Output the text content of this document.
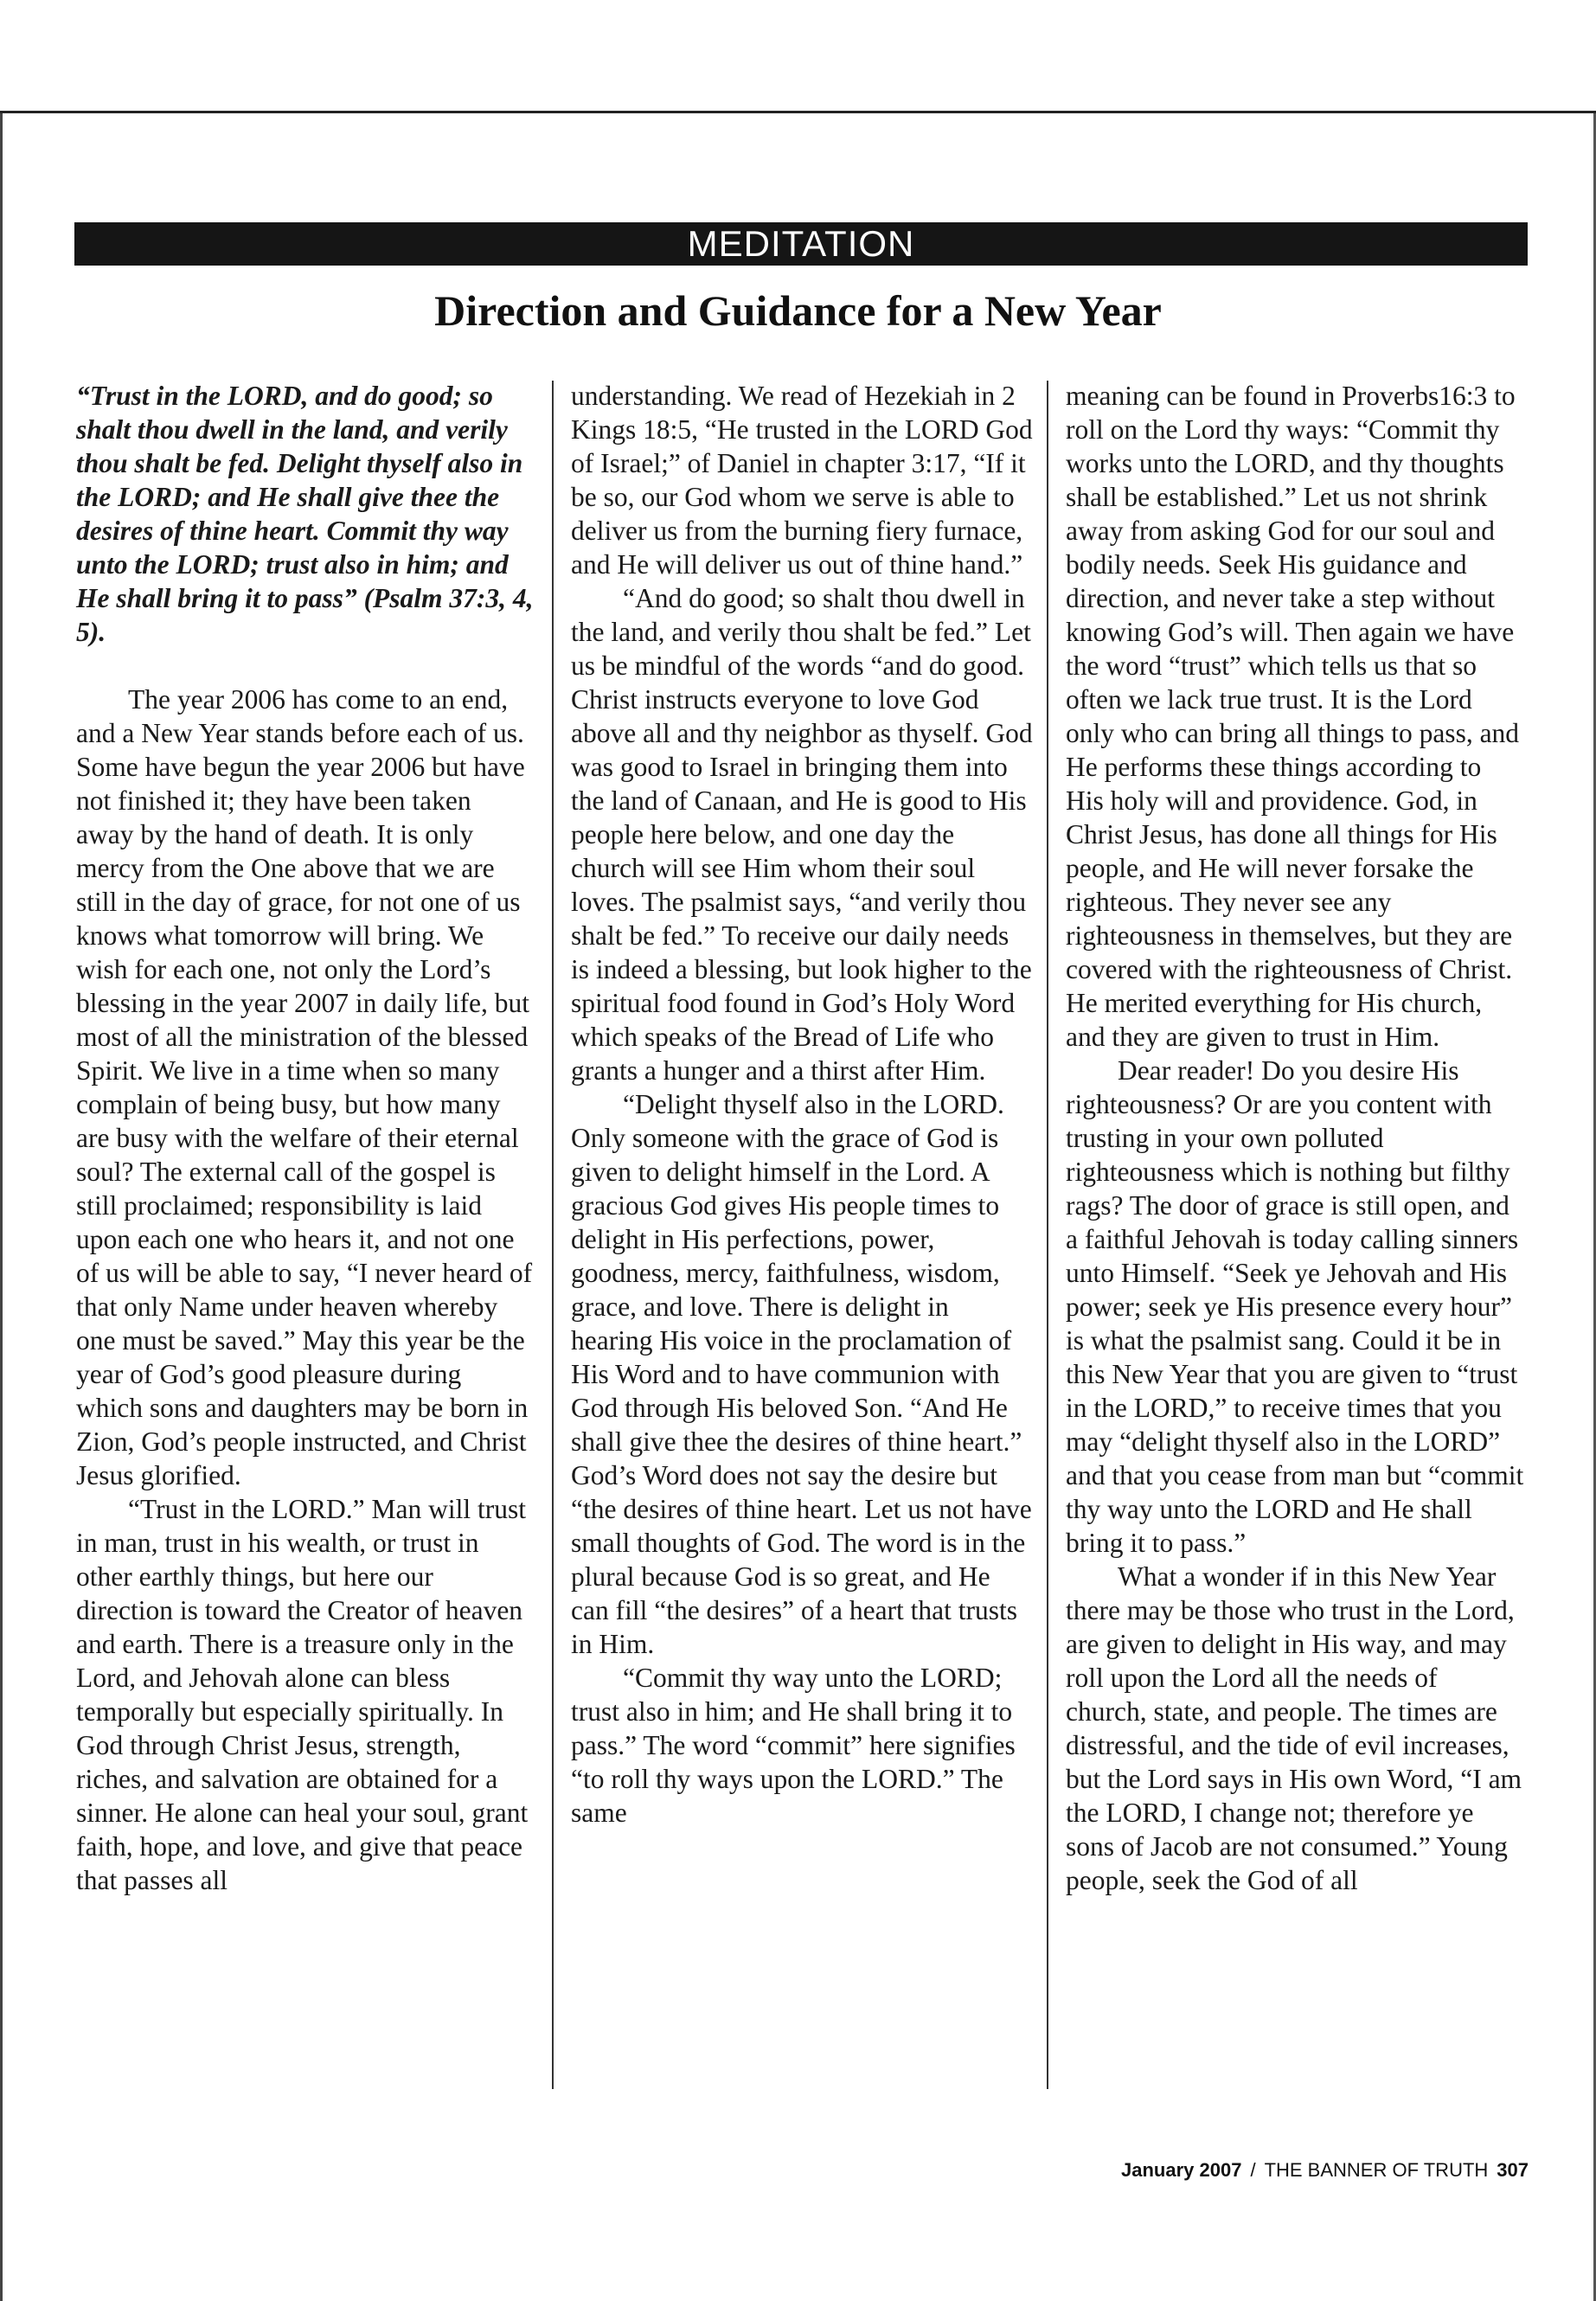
MEDITATION
Direction and Guidance for a New Year

“Trust in the LORD, and do good; so shalt thou dwell in the land, and verily thou shalt be fed. Delight thyself also in the LORD; and He shall give thee the desires of thine heart. Commit thy way unto the LORD; trust also in him; and He shall bring it to pass” (Psalm 37:3, 4, 5).

The year 2006 has come to an end, and a New Year stands before each of us. Some have begun the year 2006 but have not finished it; they have been taken away by the hand of death. It is only mercy from the One above that we are still in the day of grace, for not one of us knows what tomorrow will bring. We wish for each one, not only the Lord’s blessing in the year 2007 in daily life, but most of all the ministration of the blessed Spirit. We live in a time when so many complain of being busy, but how many are busy with the welfare of their eternal soul? The external call of the gospel is still proclaimed; responsibility is laid upon each one who hears it, and not one of us will be able to say, “I never heard of that only Name under heaven whereby one must be saved.” May this year be the year of God’s good pleasure during which sons and daughters may be born in Zion, God’s people instructed, and Christ Jesus glorified.

“Trust in the LORD.” Man will trust in man, trust in his wealth, or trust in other earthly things, but here our direction is toward the Creator of heaven and earth. There is a treasure only in the Lord, and Jehovah alone can bless temporally but especially spiritually. In God through Christ Jesus, strength, riches, and salvation are obtained for a sinner. He alone can heal your soul, grant faith, hope, and love, and give that peace that passes all

understanding. We read of Hezekiah in 2 Kings 18:5, “He trusted in the LORD God of Israel;” of Daniel in chapter 3:17, “If it be so, our God whom we serve is able to deliver us from the burning fiery furnace, and He will deliver us out of thine hand.”

“And do good; so shalt thou dwell in the land, and verily thou shalt be fed.” Let us be mindful of the words “and do good. Christ instructs everyone to love God above all and thy neighbor as thyself. God was good to Israel in bringing them into the land of Canaan, and He is good to His people here below, and one day the church will see Him whom their soul loves. The psalmist says, “and verily thou shalt be fed.” To receive our daily needs is indeed a blessing, but look higher to the spiritual food found in God’s Holy Word which speaks of the Bread of Life who grants a hunger and a thirst after Him.

“Delight thyself also in the LORD. Only someone with the grace of God is given to delight himself in the Lord. A gracious God gives His people times to delight in His perfections, power, goodness, mercy, faithfulness, wisdom, grace, and love. There is delight in hearing His voice in the proclamation of His Word and to have communion with God through His beloved Son. “And He shall give thee the desires of thine heart.” God’s Word does not say the desire but “the desires of thine heart. Let us not have small thoughts of God. The word is in the plural because God is so great, and He can fill “the desires” of a heart that trusts in Him.

“Commit thy way unto the LORD; trust also in him; and He shall bring it to pass.” The word “commit” here signifies “to roll thy ways upon the LORD.” The same

meaning can be found in Proverbs16:3 to roll on the Lord thy ways: “Commit thy works unto the LORD, and thy thoughts shall be established.” Let us not shrink away from asking God for our soul and bodily needs. Seek His guidance and direction, and never take a step without knowing God’s will. Then again we have the word “trust” which tells us that so often we lack true trust. It is the Lord only who can bring all things to pass, and He performs these things according to His holy will and providence. God, in Christ Jesus, has done all things for His people, and He will never forsake the righteous. They never see any righteousness in themselves, but they are covered with the righteousness of Christ. He merited everything for His church, and they are given to trust in Him.

Dear reader! Do you desire His righteousness? Or are you content with trusting in your own polluted righteousness which is nothing but filthy rags? The door of grace is still open, and a faithful Jehovah is today calling sinners unto Himself. “Seek ye Jehovah and His power; seek ye His presence every hour” is what the psalmist sang. Could it be in this New Year that you are given to “trust in the LORD,” to receive times that you may “delight thyself also in the LORD” and that you cease from man but “commit thy way unto the LORD and He shall bring it to pass.”

What a wonder if in this New Year there may be those who trust in the Lord, are given to delight in His way, and may roll upon the Lord all the needs of church, state, and people. The times are distressful, and the tide of evil increases, but the Lord says in His own Word, “I am the LORD, I change not; therefore ye sons of Jacob are not consumed.” Young people, seek the God of all

January 2007 / THE BANNER OF TRUTH 307
